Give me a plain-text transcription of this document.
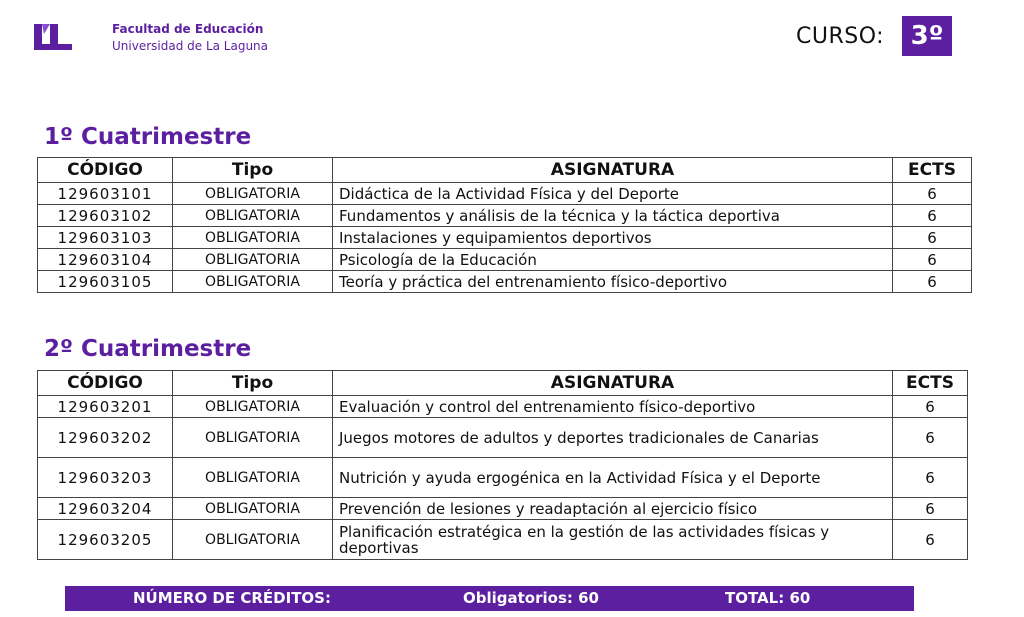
Facultad de Educación
Universidad de La Laguna	CURSO:	3º
1º Cuatrimestre
CÓDIGO	Tipo	ASIGNATURA	ECTS
129603101	OBLIGATORIA	Didáctica de la Actividad Física y del Deporte	6
129603102	OBLIGATORIA	Fundamentos y análisis de la técnica y la táctica deportiva	6
129603103	OBLIGATORIA	Instalaciones y equipamientos deportivos	6
129603104	OBLIGATORIA	Psicología de la Educación	6
129603105	OBLIGATORIA	Teoría y práctica del entrenamiento físico-deportivo	6
2º Cuatrimestre
CÓDIGO	Tipo	ASIGNATURA	ECTS
129603201	OBLIGATORIA	Evaluación y control del entrenamiento físico-deportivo	6
129603202	OBLIGATORIA	Juegos motores de adultos y deportes tradicionales de Canarias	6
129603203	OBLIGATORIA	Nutrición y ayuda ergogénica en la Actividad Física y el Deporte	6
129603204	OBLIGATORIA	Prevención de lesiones y readaptación al ejercicio físico	6
129603205	OBLIGATORIA	Planificación estratégica en la gestión de las actividades físicas y deportivas	6
NÚMERO DE CRÉDITOS:	Obligatorios: 60	TOTAL: 60
